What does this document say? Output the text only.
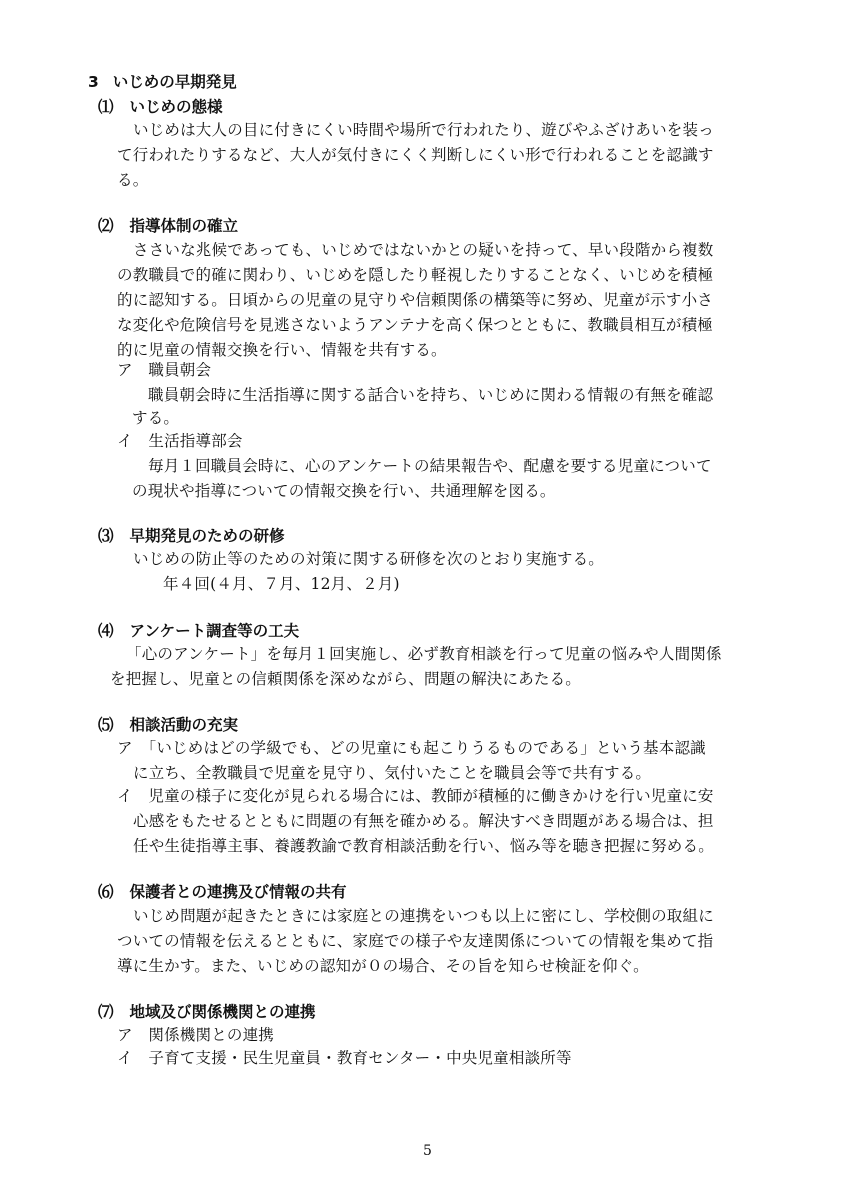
3 いじめの早期発見
⑴ いじめの態様
いじめは大人の目に付きにくい時間や場所で行われたり、遊びやふざけあいを装っ
て行われたりするなど、大人が気付きにくく判断しにくい形で行われることを認識す
る。
⑵ 指導体制の確立
ささいな兆候であっても、いじめではないかとの疑いを持って、早い段階から複数
の教職員で的確に関わり、いじめを隠したり軽視したりすることなく、いじめを積極
的に認知する。日頃からの児童の見守りや信頼関係の構築等に努め、児童が示す小さ
な変化や危険信号を見逃さないようアンテナを高く保つとともに、教職員相互が積極
的に児童の情報交換を行い、情報を共有する。
ア　職員朝会
職員朝会時に生活指導に関する話合いを持ち、いじめに関わる情報の有無を確認
する。
イ　生活指導部会
毎月１回職員会時に、心のアンケートの結果報告や、配慮を要する児童について
の現状や指導についての情報交換を行い、共通理解を図る。
⑶ 早期発見のための研修
いじめの防止等のための対策に関する研修を次のとおり実施する。
年４回(４月、７月、12月、２月)
⑷ アンケート調査等の工夫
「心のアンケート」を毎月１回実施し、必ず教育相談を行って児童の悩みや人間関係
を把握し、児童との信頼関係を深めながら、問題の解決にあたる。
⑸ 相談活動の充実
ア　「いじめはどの学級でも、どの児童にも起こりうるものである」という基本認識
に立ち、全教職員で児童を見守り、気付いたことを職員会等で共有する。
イ　児童の様子に変化が見られる場合には、教師が積極的に働きかけを行い児童に安
心感をもたせるとともに問題の有無を確かめる。解決すべき問題がある場合は、担
任や生徒指導主事、養護教諭で教育相談活動を行い、悩み等を聴き把握に努める。
⑹ 保護者との連携及び情報の共有
いじめ問題が起きたときには家庭との連携をいつも以上に密にし、学校側の取組に
ついての情報を伝えるとともに、家庭での様子や友達関係についての情報を集めて指
導に生かす。また、いじめの認知が０の場合、その旨を知らせ検証を仰ぐ。
⑺ 地域及び関係機関との連携
ア　関係機関との連携
イ　子育て支援・民生児童員・教育センター・中央児童相談所等
5
